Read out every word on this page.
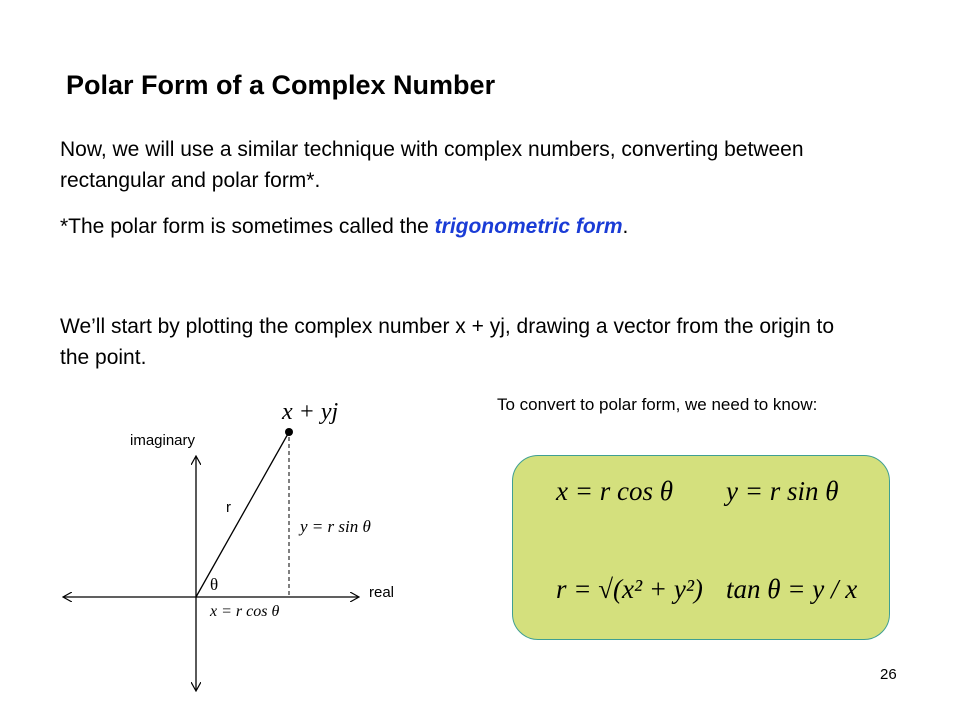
Polar Form of a Complex Number
Now, we will use a similar technique with complex numbers, converting between rectangular and polar form*.
*The polar form is sometimes called the trigonometric form.
We’ll start by plotting the complex number x + yj, drawing a vector from the origin to the point.
To convert to polar form, we need to know:
imaginary
real
r
θ
x + yj
y = r sin θ
x = r cos θ
x = r cos θ y = r sin θ
r = √(x² + y²) tan θ = y / x
26
